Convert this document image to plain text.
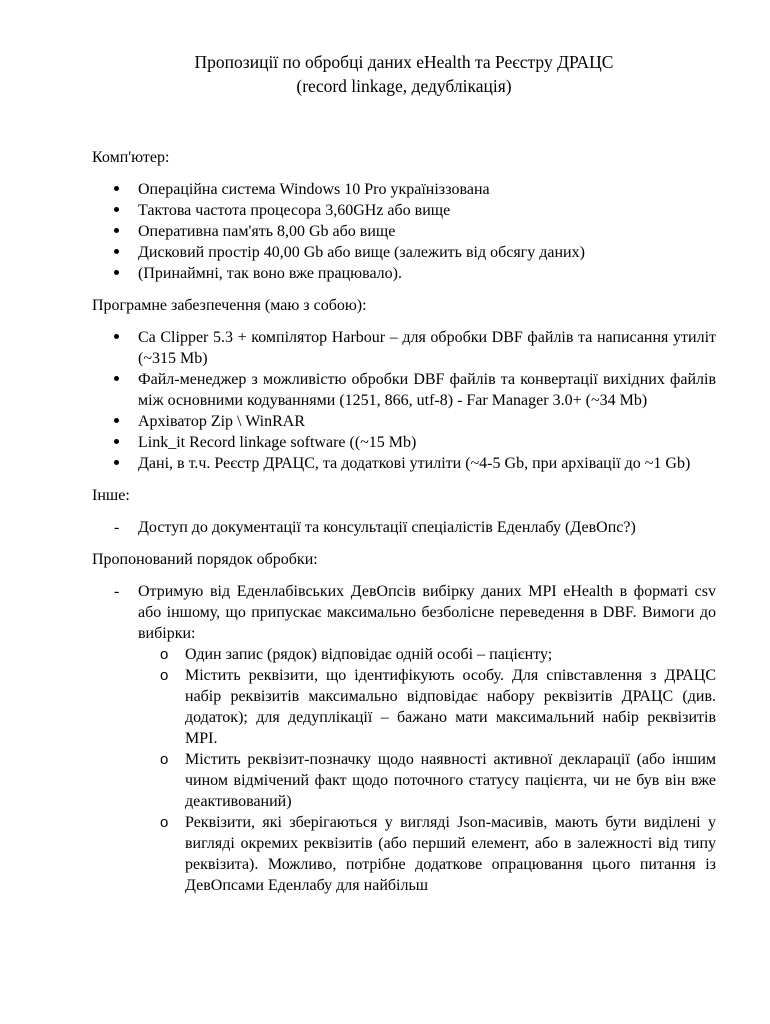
Пропозиції по обробці даних eHealth та Реєстру ДРАЦС
(record linkage, дедублікація)

Комп'ютер:

Операційна система Windows 10 Pro україніззована
Тактова частота процесора 3,60GHz або вище
Оперативна пам'ять 8,00 Gb або вище
Дисковий простір 40,00 Gb або вище (залежить від обсягу даних)
(Принаймні, так воно вже працювало).

Програмне забезпечення (маю з собою):

Ca Clipper 5.3 + компілятор Harbour – для обробки DBF файлів та написання утиліт (~315 Mb)
Файл-менеджер з можливістю обробки DBF файлів та конвертації вихідних файлів між основними кодуваннями (1251, 866, utf-8) - Far Manager 3.0+ (~34 Mb)
Архіватор Zip \ WinRAR
Link_it Record linkage software ((~15 Mb)
Дані, в т.ч. Реєстр ДРАЦС, та додаткові утиліти (~4-5 Gb, при архівації до ~1 Gb)

Інше:

-	Доступ до документації та консультації спеціалістів Еденлабу (ДевОпс?)

Пропонований порядок обробки:

-	Отримую від Еденлабівських ДевОпсів вибірку даних MPI eHealth в форматі csv або іншому, що припускає максимально безболісне переведення в DBF. Вимоги до вибірки:
o Один запис (рядок) відповідає одній особі – пацієнту;
o Містить реквізити, що ідентифікують особу. Для співставлення з ДРАЦС набір реквізитів максимально відповідає набору реквізитів ДРАЦС (див. додаток); для дедуплікації – бажано мати максимальний набір реквізитів MPI.
o Містить реквізит-позначку щодо наявності активної декларації (або іншим чином відмічений факт щодо поточного статусу пацієнта, чи не був він вже деактивований)
o Реквізити, які зберігаються у вигляді Json-масивів, мають бути виділені у вигляді окремих реквізитів (або перший елемент, або в залежності від типу реквізита). Можливо, потрібне додаткове опрацювання цього питання із ДевОпсами Еденлабу для найбільш
